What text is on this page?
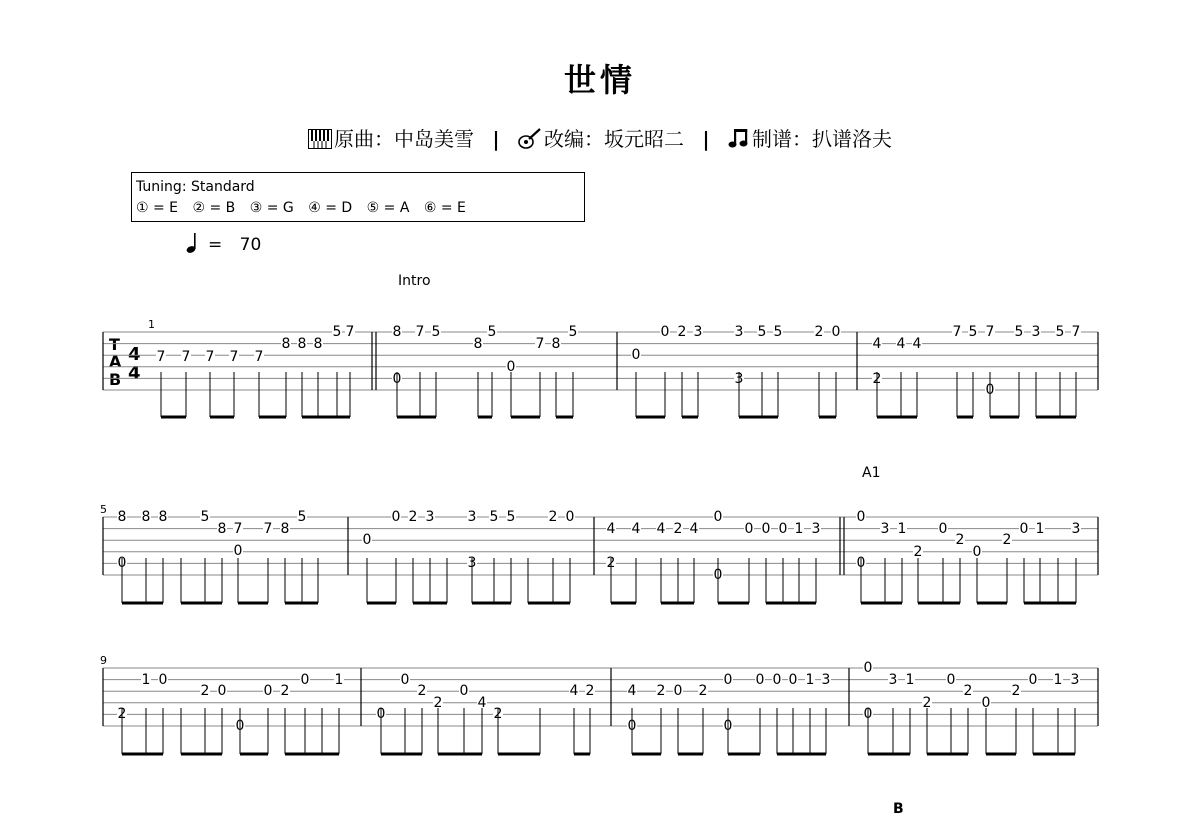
世情
原曲：中岛美雪 | 改编：坂元昭二 | 制谱：扒谱洛夫
Tuning: Standard
① = E ② = B ③ = G ④ = D ⑤ = A ⑥ = E
= 70
Intro
A1
B
1
5
9
T
A
B
4
4
7 7 7 7 7
8 8 8
5 7	8 7 5	5
8	7 8
5
0
0
0 2 3 3 5 5 2 0
0
3
4 4 4
7 5 7 5 3 5 7
2
0
8 8 8 5
8 7 7 8
5
0
0
0 2 3 3 5 5 2 0
0
3
4 4 4 2 4
0
0 0 0 1 3
2
0
0
3 1 0
2
2
0
2
0 1 3
0
1 0
2 0	0 2
0 1
2
0
0
2
2
0
4
2
4 2
0
4 2 0 2
0 0 0 0 1 3
0	0
0
3 1 0
2
2
0
2
0 1 3
0
